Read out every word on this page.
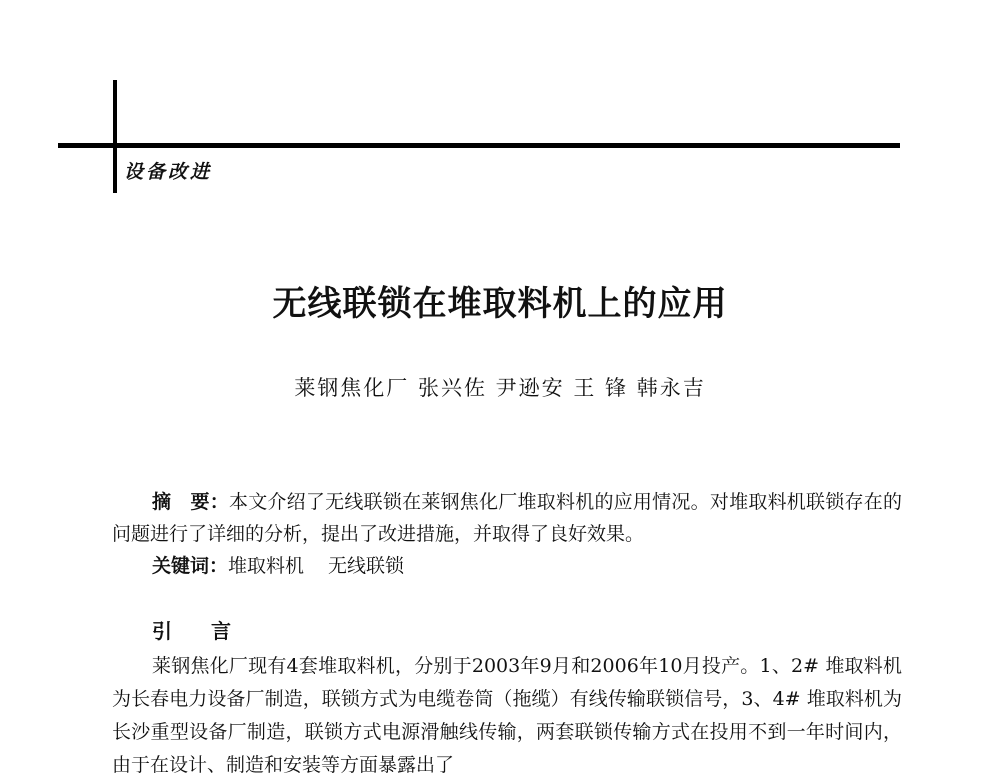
设备改进
无线联锁在堆取料机上的应用
莱钢焦化厂 张兴佐 尹逊安 王 锋 韩永吉
摘　要：本文介绍了无线联锁在莱钢焦化厂堆取料机的应用情况。对堆取料机联锁存在的问题进行了详细的分析，提出了改进措施，并取得了良好效果。
关键词：堆取料机 无线联锁
引 言
莱钢焦化厂现有4套堆取料机，分别于2003年9月和2006年10月投产。1、2# 堆取料机为长春电力设备厂制造，联锁方式为电缆卷筒（拖缆）有线传输联锁信号，3、4# 堆取料机为长沙重型设备厂制造，联锁方式电源滑触线传输，两套联锁传输方式在投用不到一年时间内，由于在设计、制造和安装等方面暴露出了
